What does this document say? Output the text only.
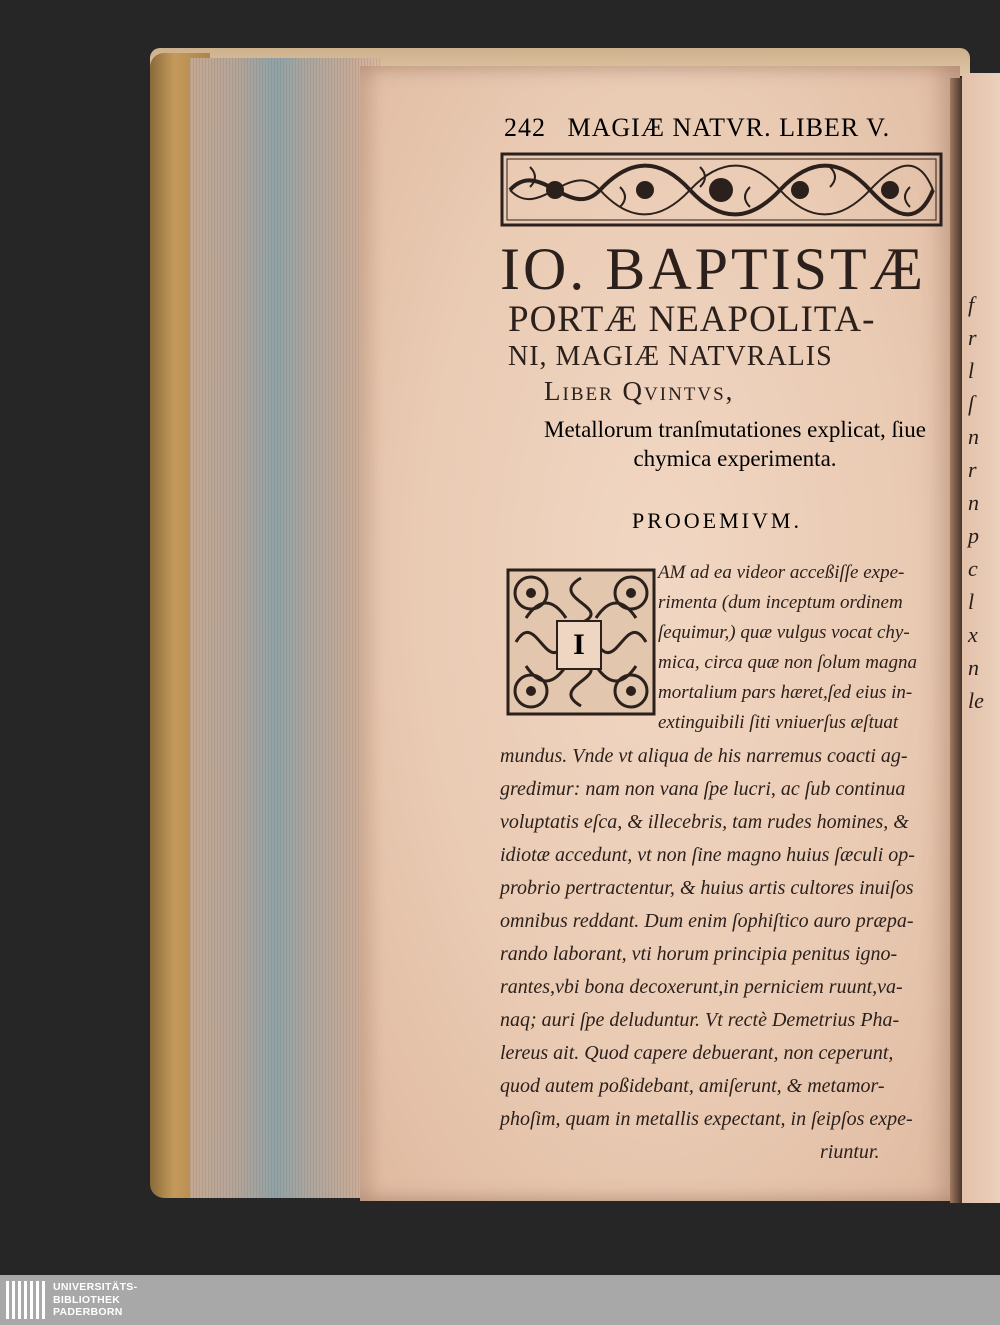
f
r
l
ſ
n
r
n
p
c
l
x
n
le
242 MAGIÆ NATVR. LIBER V.
IO. BAPTISTÆ
PORTÆ NEAPOLITA-
NI, MAGIÆ NATVRALIS
Liber Qvintvs,
Metallorum tranſmutationes explicat, ſiue
chymica experimenta.
PROOEMIVM.
I
AM ad ea videor acceßiſſe expe-
rimenta (dum inceptum ordinem
ſequimur,) quæ vulgus vocat chy-
mica, circa quæ non ſolum magna
mortalium pars hæret,ſed eius in-
extinguibili ſiti vniuerſus æſtuat
mundus. Vnde vt aliqua de his narremus coacti ag-
gredimur: nam non vana ſpe lucri, ac ſub continua
voluptatis eſca, & illecebris, tam rudes homines, &
idiotæ accedunt, vt non ſine magno huius ſæculi op-
probrio pertractentur, & huius artis cultores inuiſos
omnibus reddant. Dum enim ſophiſtico auro præpa-
rando laborant, vti horum principia penitus igno-
rantes,vbi bona decoxerunt,in perniciem ruunt,va-
naq; auri ſpe deluduntur. Vt rectè Demetrius Pha-
lereus ait. Quod capere debuerant, non ceperunt,
quod autem poßidebant, amiſerunt, & metamor-
phoſim, quam in metallis expectant, in ſeipſos expe-
riuntur.
UNIVERSITÄTS-
BIBLIOTHEK
PADERBORN
